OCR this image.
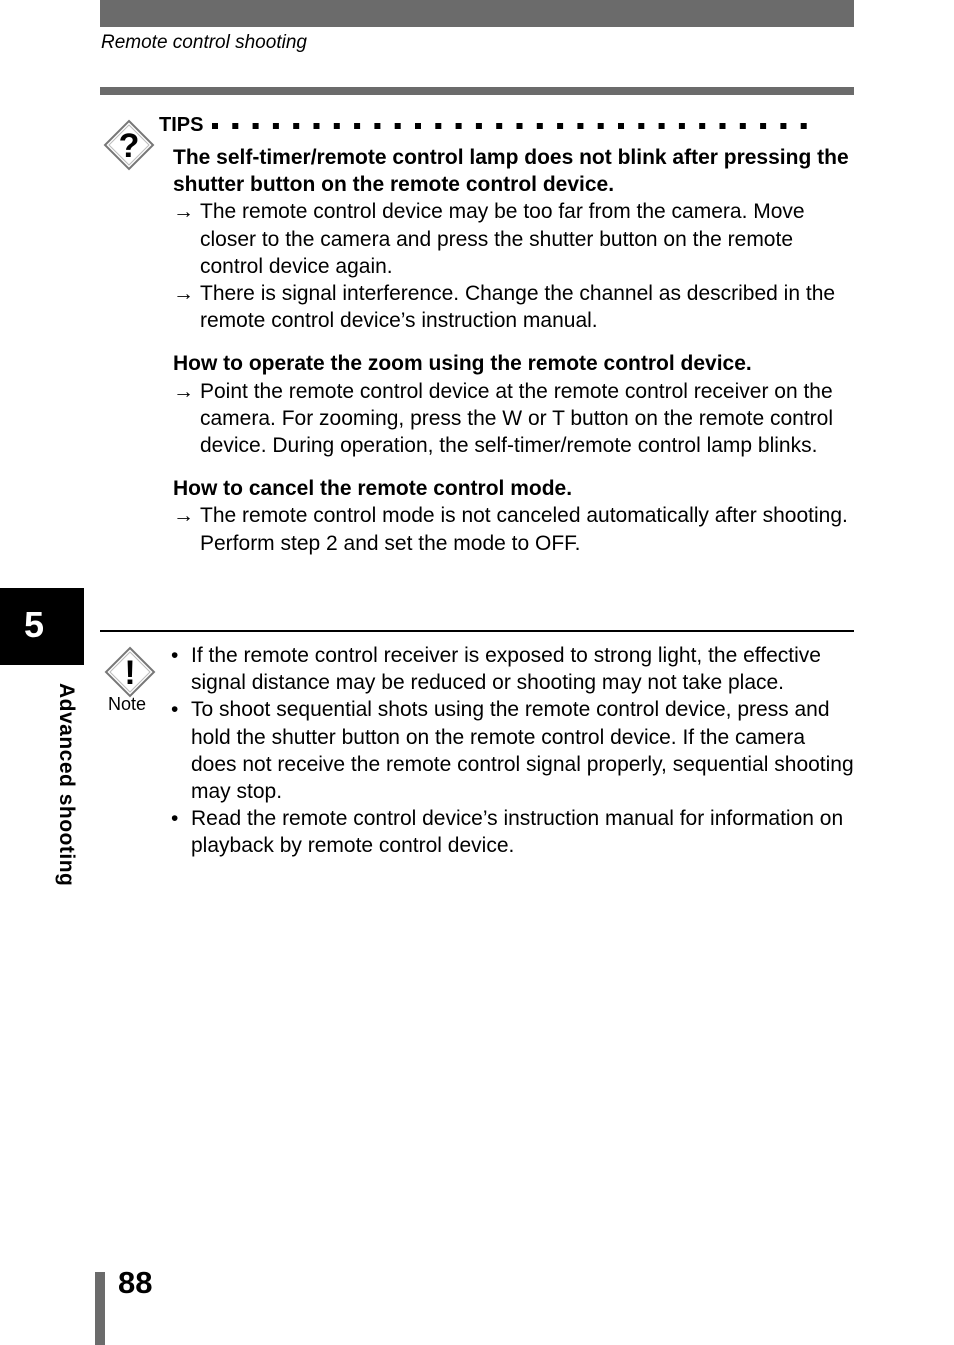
Remote control shooting
?
TIPS

The self-timer/remote control lamp does not blink after pressing the shutter button on the remote control device.

→ The remote control device may be too far from the camera. Move closer to the camera and press the shutter button on the remote control device again.

→ There is signal interference. Change the channel as described in the remote control device’s instruction manual.

How to operate the zoom using the remote control device.

→ Point the remote control device at the remote control receiver on the camera. For zooming, press the W or T button on the remote control device. During operation, the self-timer/remote control lamp blinks.

How to cancel the remote control mode.

→ The remote control mode is not canceled automatically after shooting. Perform step 2 and set the mode to OFF.

!
Note
• If the remote control receiver is exposed to strong light, the effective signal distance may be reduced or shooting may not take place.
• To shoot sequential shots using the remote control device, press and hold the shutter button on the remote control device. If the camera does not receive the remote control signal properly, sequential shooting may stop.
• Read the remote control device’s instruction manual for information on playback by remote control device.
5
Advanced shooting
88
